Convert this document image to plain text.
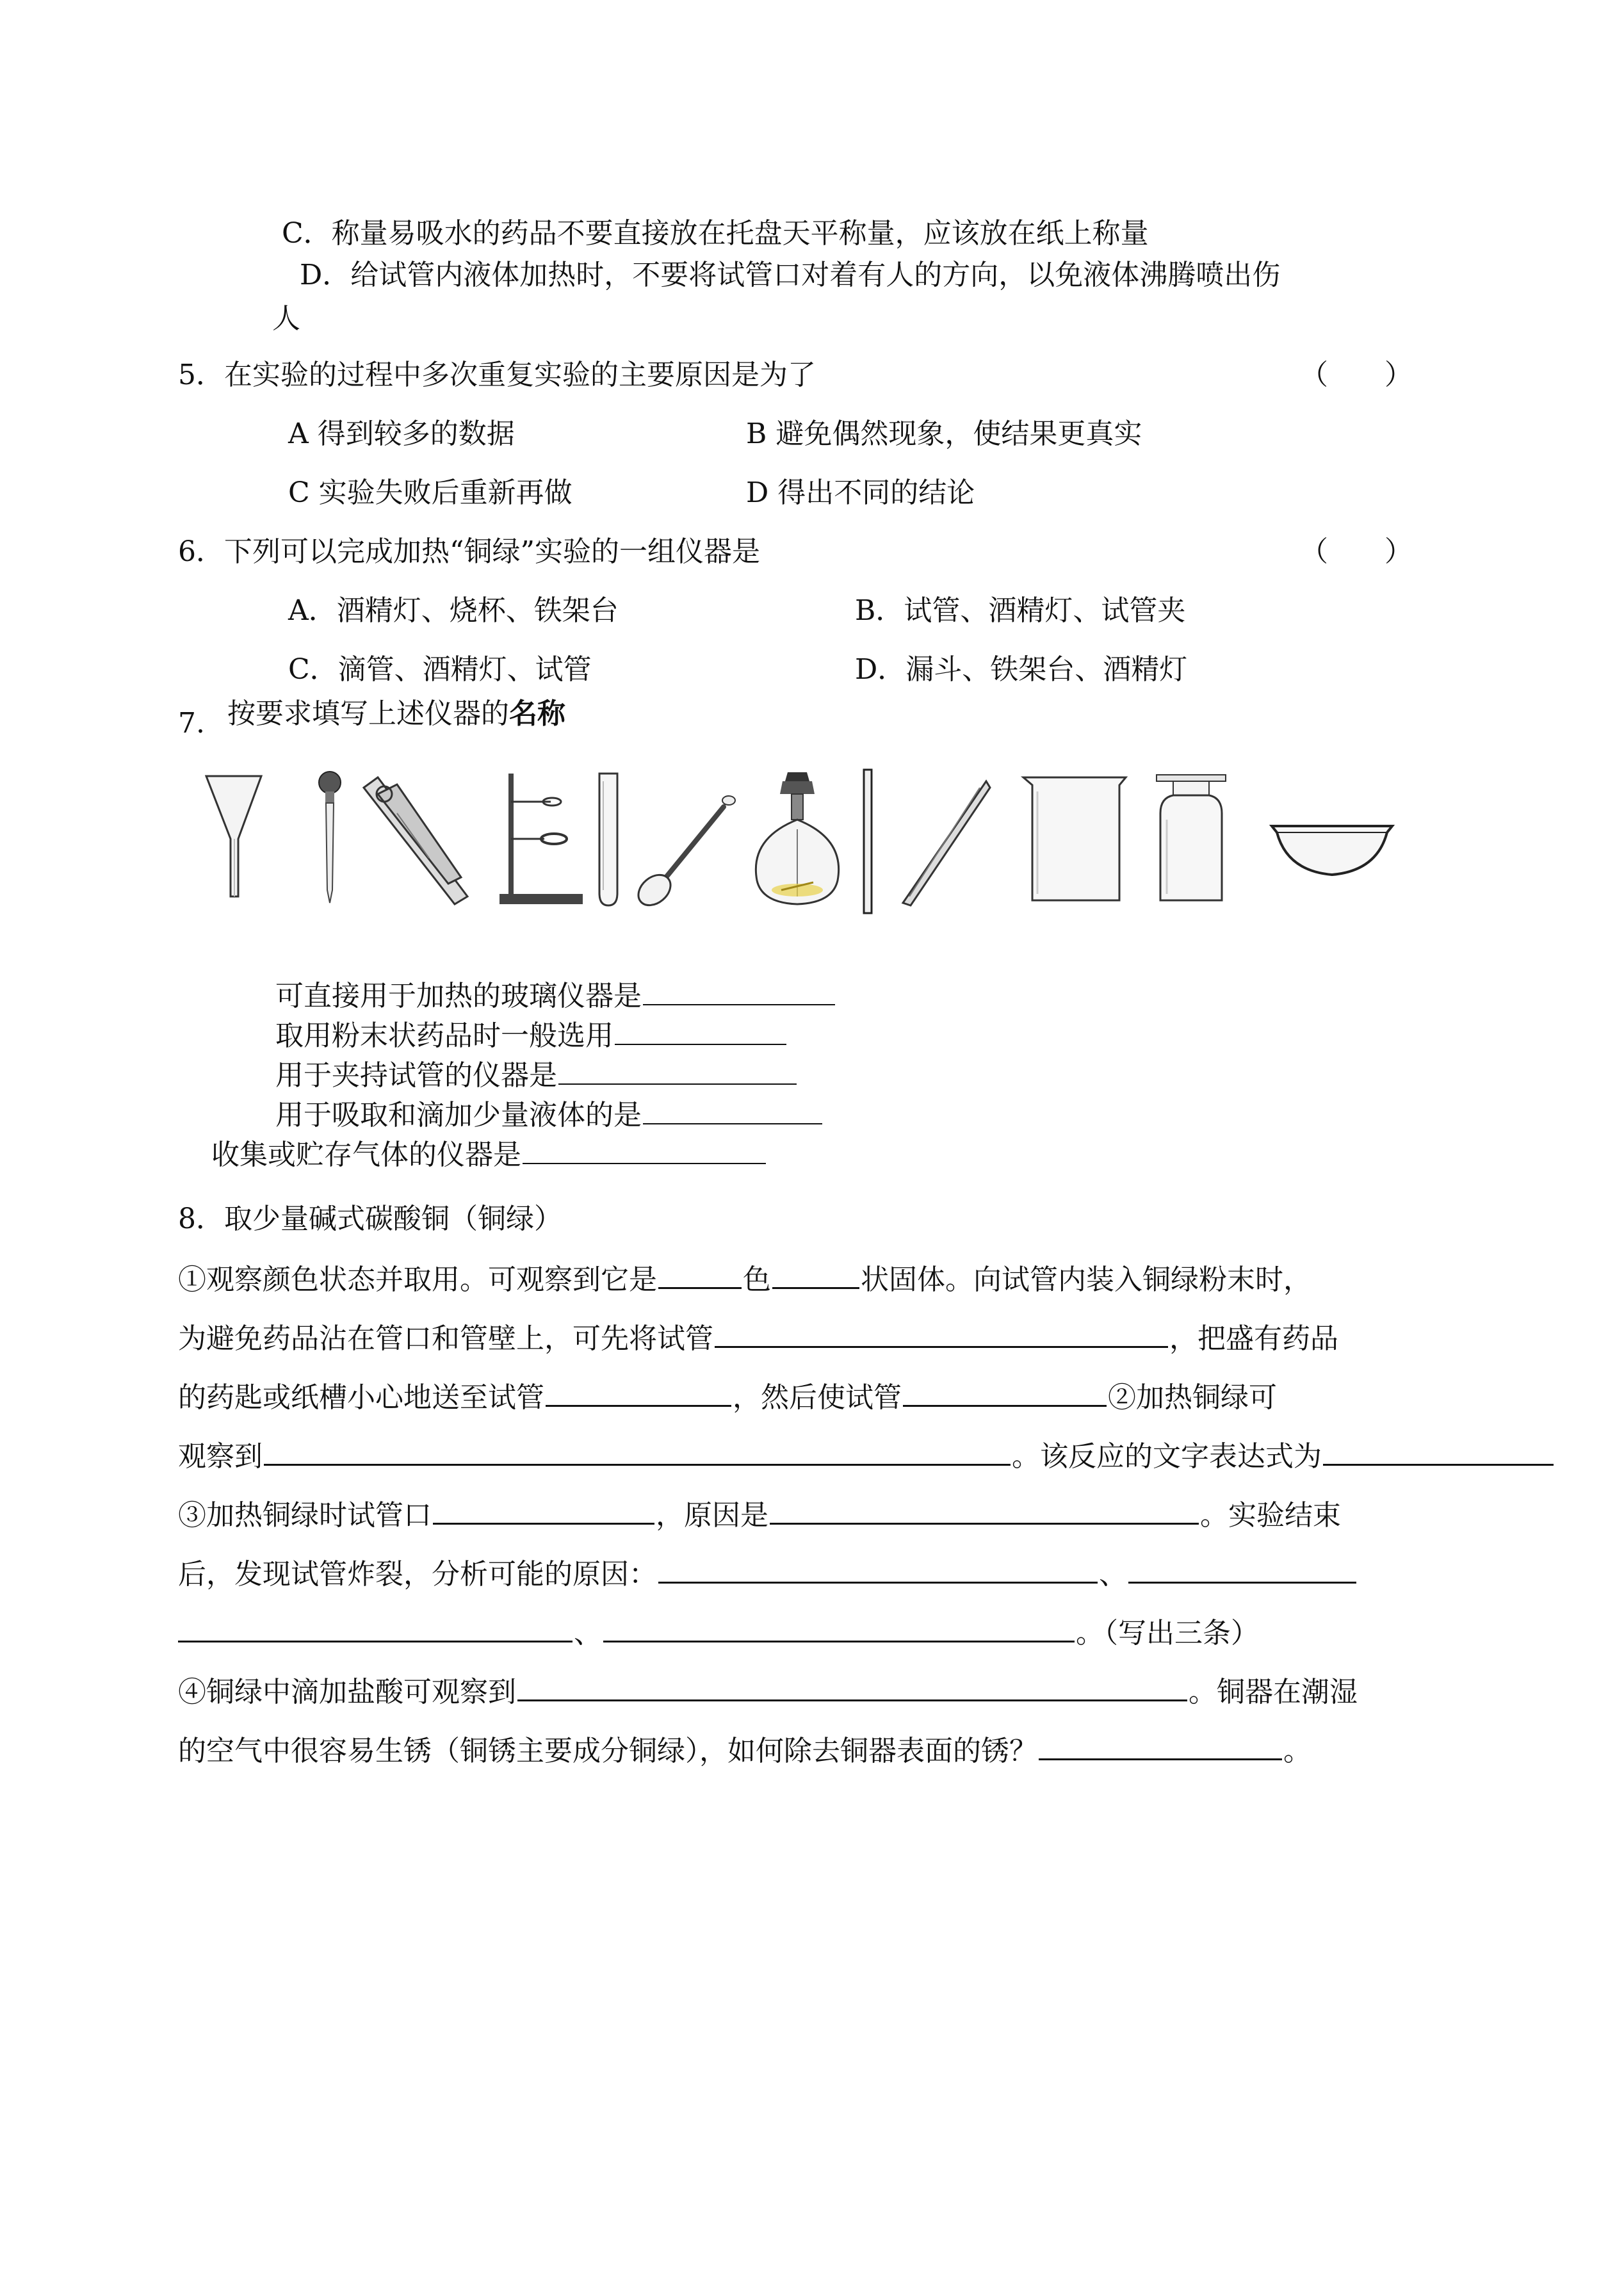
C．称量易吸水的药品不要直接放在托盘天平称量，应该放在纸上称量
D．给试管内液体加热时，不要将试管口对着有人的方向，以免液体沸腾喷出伤
人
5．在实验的过程中多次重复实验的主要原因是为了	（　　）
A 得到较多的数据	B 避免偶然现象，使结果更真实
C 实验失败后重新再做	D 得出不同的结论
6．下列可以完成加热“铜绿”实验的一组仪器是	（　　）
A．酒精灯、烧杯、铁架台	B．试管、酒精灯、试管夹
C．滴管、酒精灯、试管	D．漏斗、铁架台、酒精灯
7. 按要求填写上述仪器的名称
可直接用于加热的玻璃仪器是
取用粉末状药品时一般选用
用于夹持试管的仪器是
用于吸取和滴加少量液体的是
收集或贮存气体的仪器是
8．取少量碱式碳酸铜（铜绿）
①观察颜色状态并取用。可观察到它是	色	状固体。向试管内装入铜绿粉末时，
为避免药品沾在管口和管壁上，可先将试管	，把盛有药品
的药匙或纸槽小心地送至试管	，然后使试管	②加热铜绿可
观察到	。该反应的文字表达式为
③加热铜绿时试管口	，原因是	。实验结束
后，发现试管炸裂，分析可能的原因：	、
、	。（写出三条）
④铜绿中滴加盐酸可观察到	。铜器在潮湿
的空气中很容易生锈（铜锈主要成分铜绿），如何除去铜器表面的锈？	。
